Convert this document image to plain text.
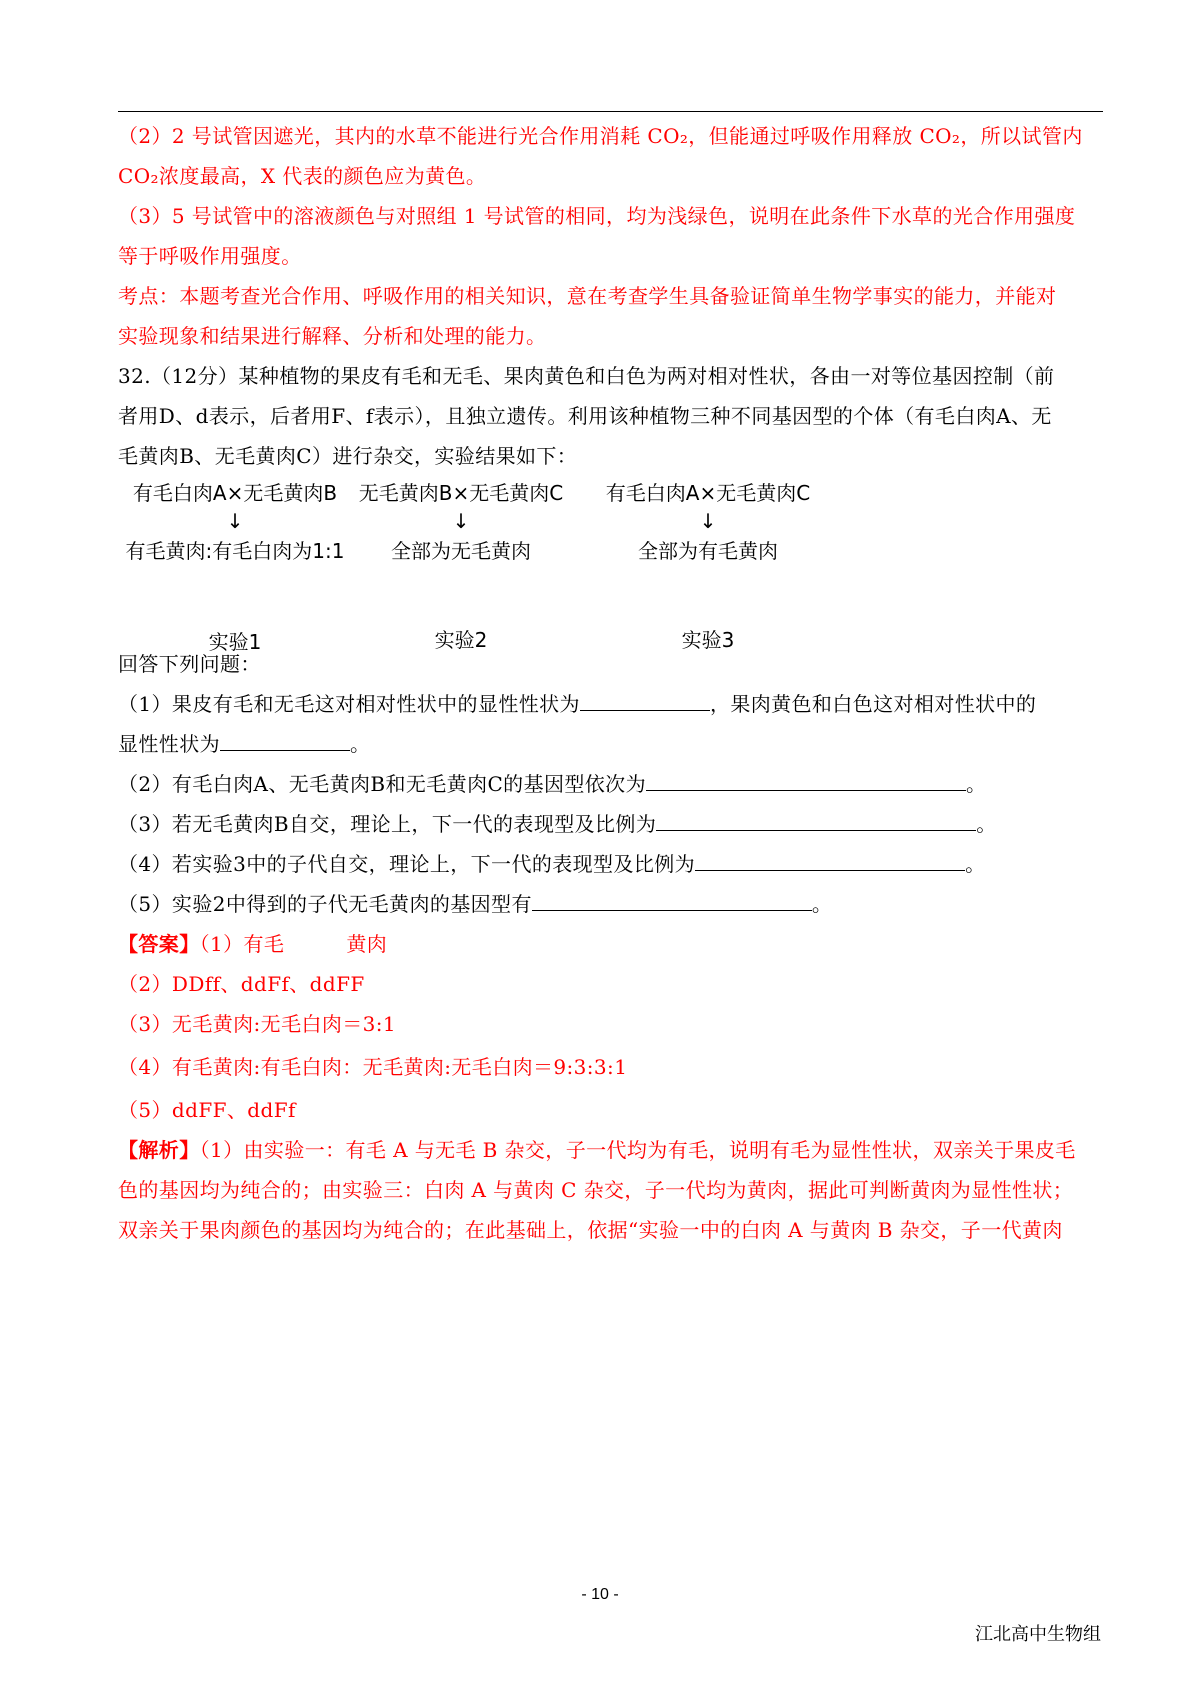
（2）2 号试管因遮光，其内的水草不能进行光合作用消耗 CO₂，但能通过呼吸作用释放 CO₂，所以试管内

CO₂浓度最高，X 代表的颜色应为黄色。

（3）5 号试管中的溶液颜色与对照组 1 号试管的相同，均为浅绿色，说明在此条件下水草的光合作用强度

等于呼吸作用强度。

考点：本题考查光合作用、呼吸作用的相关知识，意在考查学生具备验证简单生物学事实的能力，并能对

实验现象和结果进行解释、分析和处理的能力。

32.（12分）某种植物的果皮有毛和无毛、果肉黄色和白色为两对相对性状，各由一对等位基因控制（前

者用D、d表示，后者用F、f表示），且独立遗传。利用该种植物三种不同基因型的个体（有毛白肉A、无

毛黄肉B、无毛黄肉C）进行杂交，实验结果如下：

有毛白肉A×无毛黄肉B
↓
有毛黄肉:有毛白肉为1:1
实验1
无毛黄肉B×无毛黄肉C
↓
全部为无毛黄肉
实验2
有毛白肉A×无毛黄肉C
↓
全部为有毛黄肉
实验3

回答下列问题：

（1）果皮有毛和无毛这对相对性状中的显性性状为	，果肉黄色和白色这对相对性状中的

显性性状为	。

（2）有毛白肉A、无毛黄肉B和无毛黄肉C的基因型依次为	。

（3）若无毛黄肉B自交，理论上，下一代的表现型及比例为	。

（4）若实验3中的子代自交，理论上，下一代的表现型及比例为	。

（5）实验2中得到的子代无毛黄肉的基因型有	。

【答案】（1）有毛	黄肉

（2）DDff、ddFf、ddFF

（3）无毛黄肉:无毛白肉＝3:1

（4）有毛黄肉:有毛白肉：无毛黄肉:无毛白肉＝9:3:3:1

（5）ddFF、ddFf

【解析】（1）由实验一：有毛 A 与无毛 B 杂交，子一代均为有毛，说明有毛为显性性状，双亲关于果皮毛

色的基因均为纯合的；由实验三：白肉 A 与黄肉 C 杂交，子一代均为黄肉，据此可判断黄肉为显性性状；

双亲关于果肉颜色的基因均为纯合的；在此基础上，依据“实验一中的白肉 A 与黄肉 B 杂交，子一代黄肉

- 10 -
江北高中生物组
